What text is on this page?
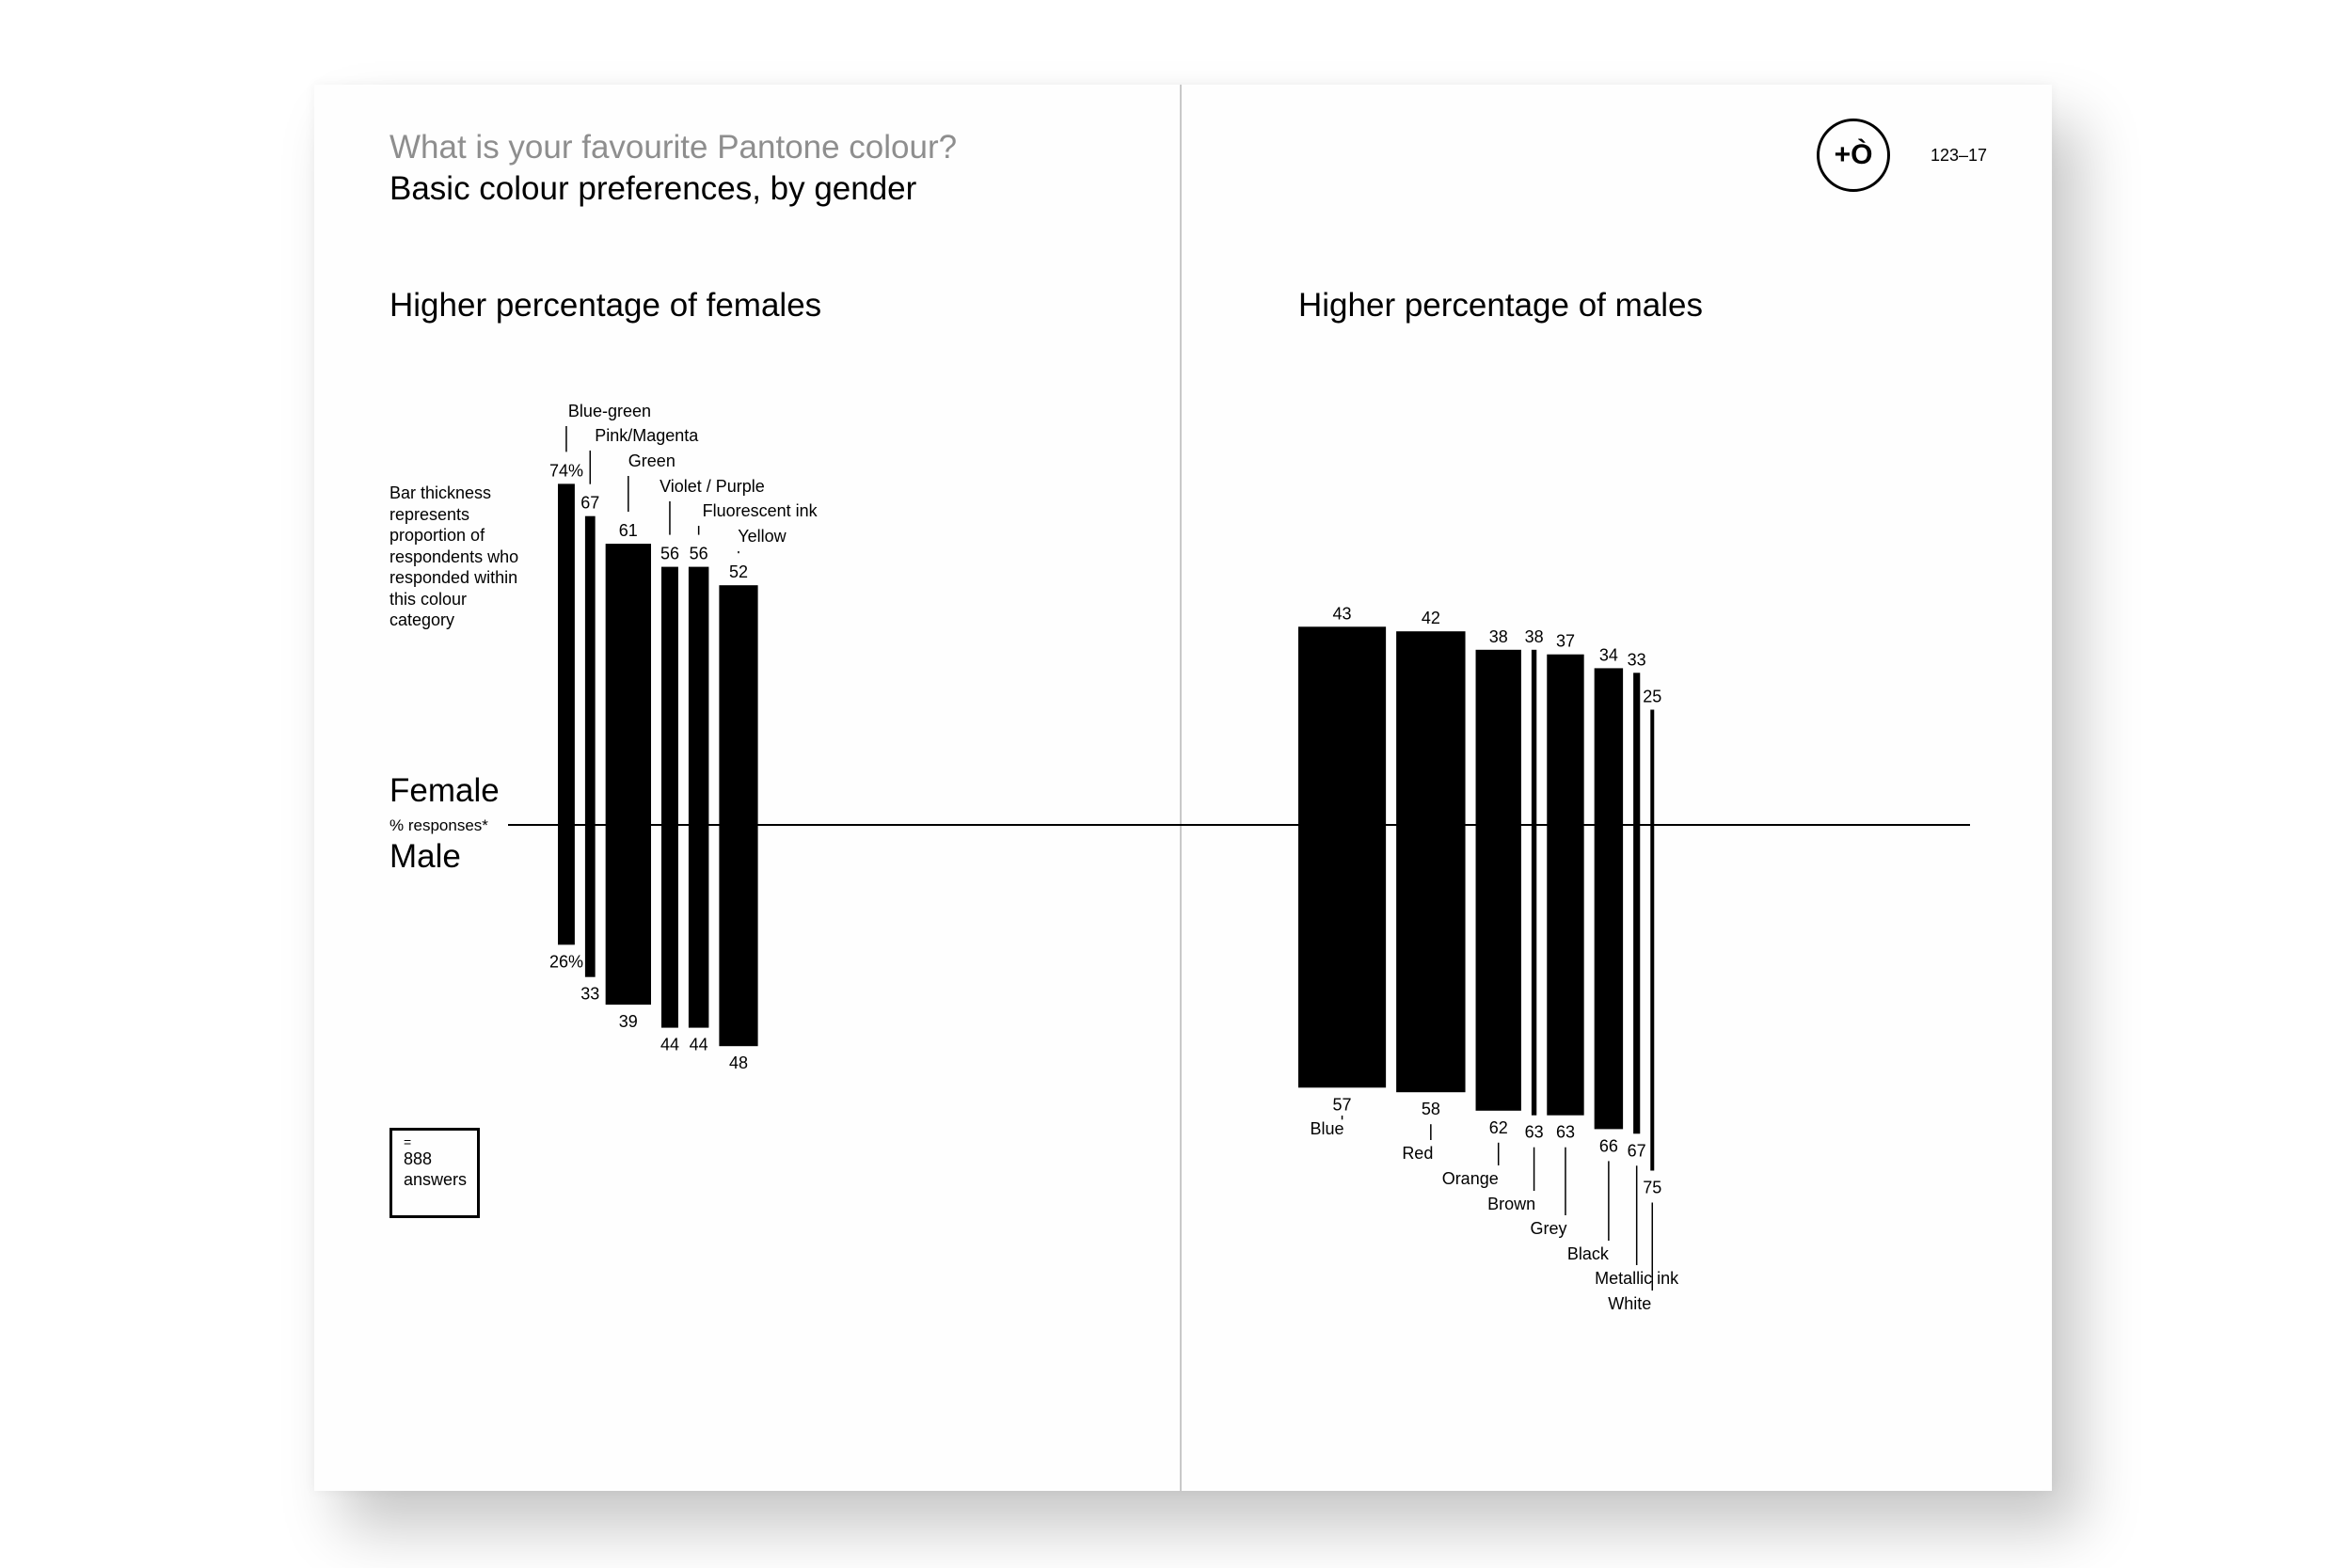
What is your favourite Pantone colour?
Basic colour preferences, by gender
+Ò	123–17
Higher percentage of females	Higher percentage of males

Bar thickness represents proportion of respondents who responded within this colour category

Female
% responses*
Male
=
888
answers
74%
26%
Blue-green
67
33
Pink/Magenta
61
39
Green
56
44
Violet / Purple
56
44
Fluorescent ink
52
48
Yellow
43
57
Blue
42
58
Red
38
62
Orange
38
63
Brown
37
63
Grey
34
66
Black
33
67
Metallic ink
25
75
White
